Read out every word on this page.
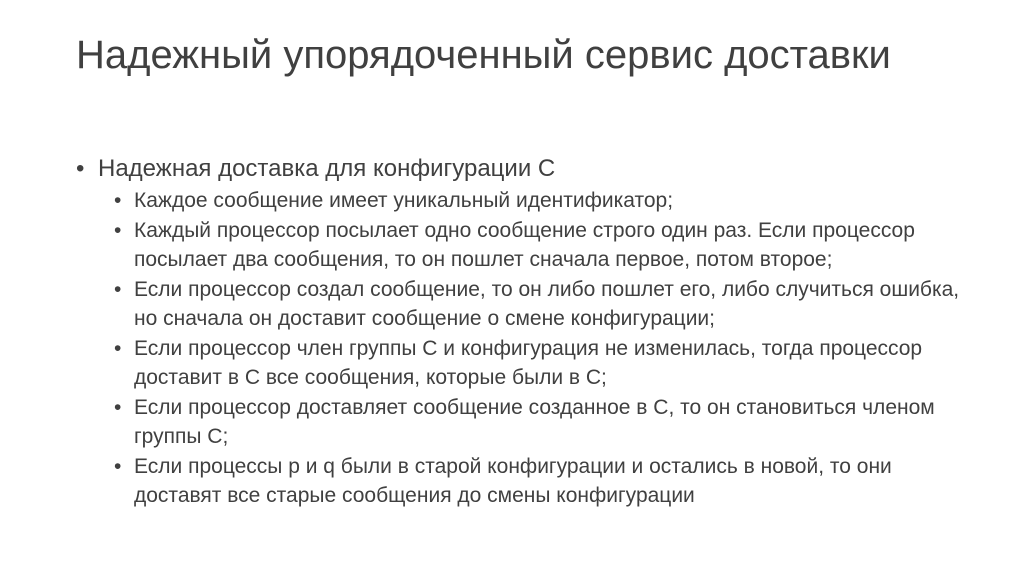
Надежный упорядоченный сервис доставки
• Надежная доставка для конфигурации C
• Каждое сообщение имеет уникальный идентификатор;
• Каждый процессор посылает одно сообщение строго один раз. Если процессор посылает два сообщения, то он пошлет сначала первое, потом второе;
• Если процессор создал сообщение, то он либо пошлет его, либо случиться ошибка, но сначала он доставит сообщение о смене конфигурации;
• Если процессор член группы С и конфигурация не изменилась, тогда процессор доставит в С все сообщения, которые были в С;
• Если процессор доставляет сообщение созданное в С, то он становиться членом группы С;
• Если процессы p и q были в старой конфигурации и остались в новой, то они доставят все старые сообщения до смены конфигурации
